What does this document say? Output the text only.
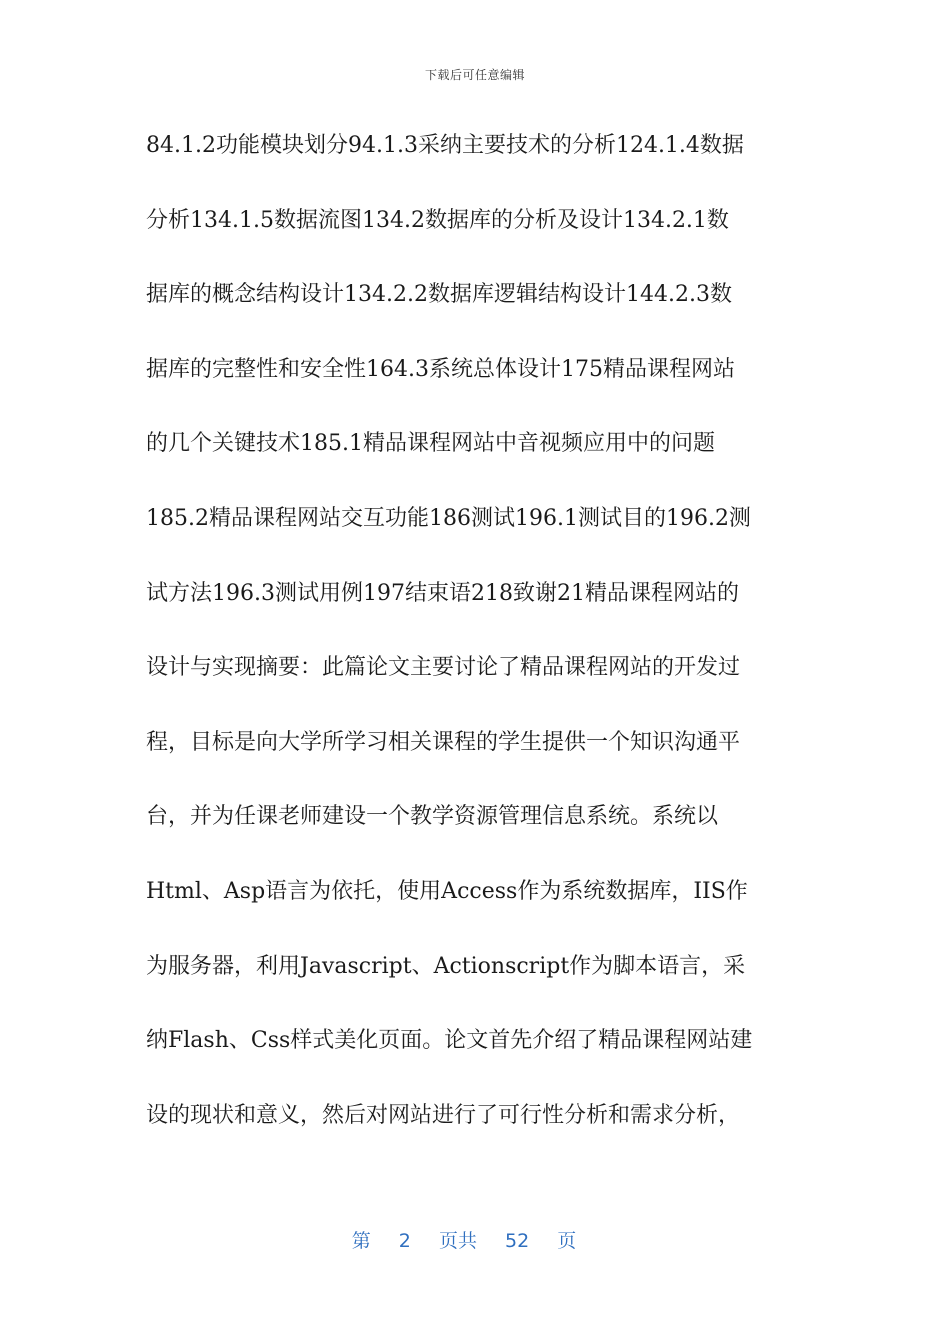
下载后可任意编辑
84.1.2功能模块划分94.1.3采纳主要技术的分析124.1.4数据
分析134.1.5数据流图134.2数据库的分析及设计134.2.1数
据库的概念结构设计134.2.2数据库逻辑结构设计144.2.3数
据库的完整性和安全性164.3系统总体设计175精品课程网站
的几个关键技术185.1精品课程网站中音视频应用中的问题
185.2精品课程网站交互功能186测试196.1测试目的196.2测
试方法196.3测试用例197结束语218致谢21精品课程网站的
设计与实现摘要：此篇论文主要讨论了精品课程网站的开发过
程，目标是向大学所学习相关课程的学生提供一个知识沟通平
台，并为任课老师建设一个教学资源管理信息系统。系统以
Html、Asp语言为依托，使用Access作为系统数据库，IIS作
为服务器，利用Javascript、Actionscript作为脚本语言，采
纳Flash、Css样式美化页面。论文首先介绍了精品课程网站建
设的现状和意义，然后对网站进行了可行性分析和需求分析，
第 2 页共 52 页
